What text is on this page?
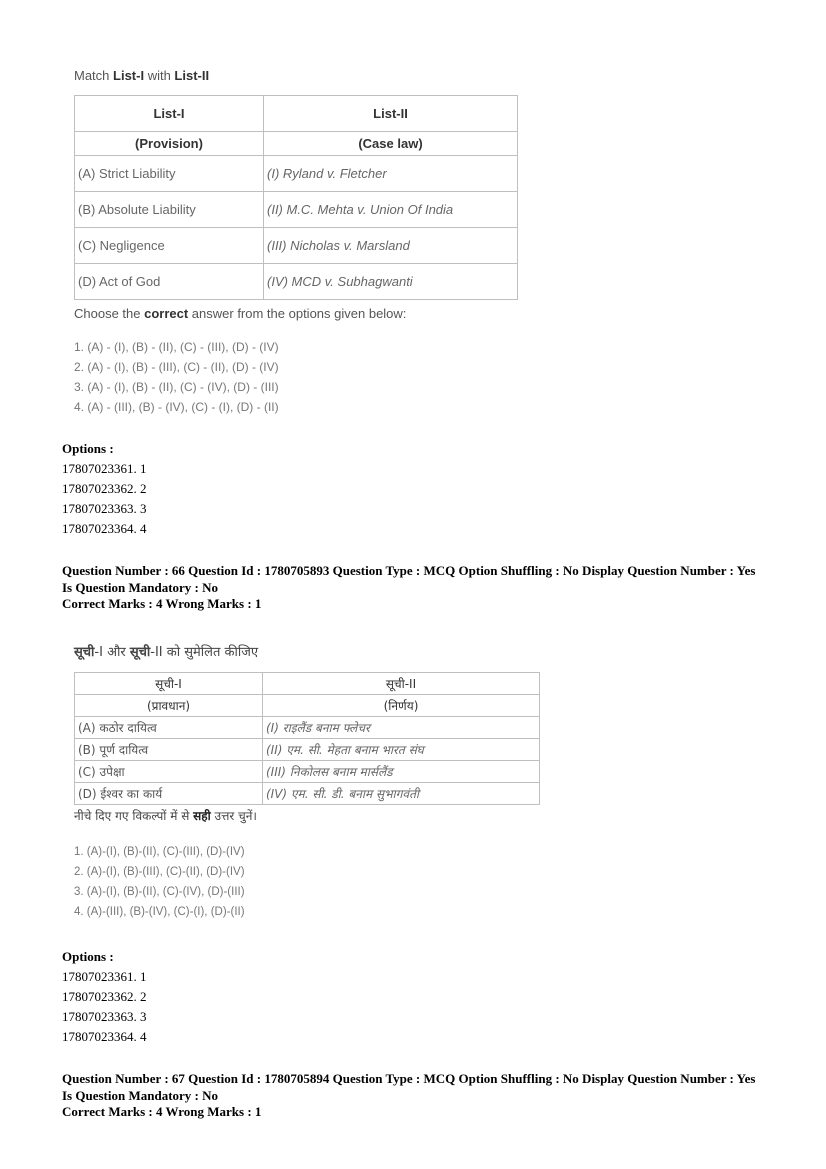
Match List-I with List-II

List-I	List-II
(Provision)	(Case law)
(A) Strict Liability	(I) Ryland v. Fletcher
(B) Absolute Liability	(II) M.C. Mehta v. Union Of India
(C) Negligence	(III) Nicholas v. Marsland
(D) Act of God	(IV) MCD v. Subhagwanti

Choose the correct answer from the options given below:

1. (A) - (I), (B) - (II), (C) - (III), (D) - (IV)
2. (A) - (I), (B) - (III), (C) - (II), (D) - (IV)
3. (A) - (I), (B) - (II), (C) - (IV), (D) - (III)
4. (A) - (III), (B) - (IV), (C) - (I), (D) - (II)
Options :
17807023361. 1
17807023362. 2
17807023363. 3
17807023364. 4
Question Number : 66 Question Id : 1780705893 Question Type : MCQ Option Shuffling : No Display Question Number : Yes
Is Question Mandatory : No
Correct Marks : 4 Wrong Marks : 1

सूची-I और सूची-II को सुमेलित कीजिए

सूची-I	सूची-II
(प्रावधान)	(निर्णय)
(A) कठोर दायित्व	(I) राइलैंड बनाम फ्लेचर
(B) पूर्ण दायित्व	(II) एम. सी. मेहता बनाम भारत संघ
(C) उपेक्षा	(III) निकोलस बनाम मार्सलैंड
(D) ईश्वर का कार्य	(IV) एम. सी. डी. बनाम सुभागवंती

नीचे दिए गए विकल्पों में से सही उत्तर चुनें।

1. (A)-(I), (B)-(II), (C)-(III), (D)-(IV)
2. (A)-(I), (B)-(III), (C)-(II), (D)-(IV)
3. (A)-(I), (B)-(II), (C)-(IV), (D)-(III)
4. (A)-(III), (B)-(IV), (C)-(I), (D)-(II)
Options :
17807023361. 1
17807023362. 2
17807023363. 3
17807023364. 4
Question Number : 67 Question Id : 1780705894 Question Type : MCQ Option Shuffling : No Display Question Number : Yes
Is Question Mandatory : No
Correct Marks : 4 Wrong Marks : 1
